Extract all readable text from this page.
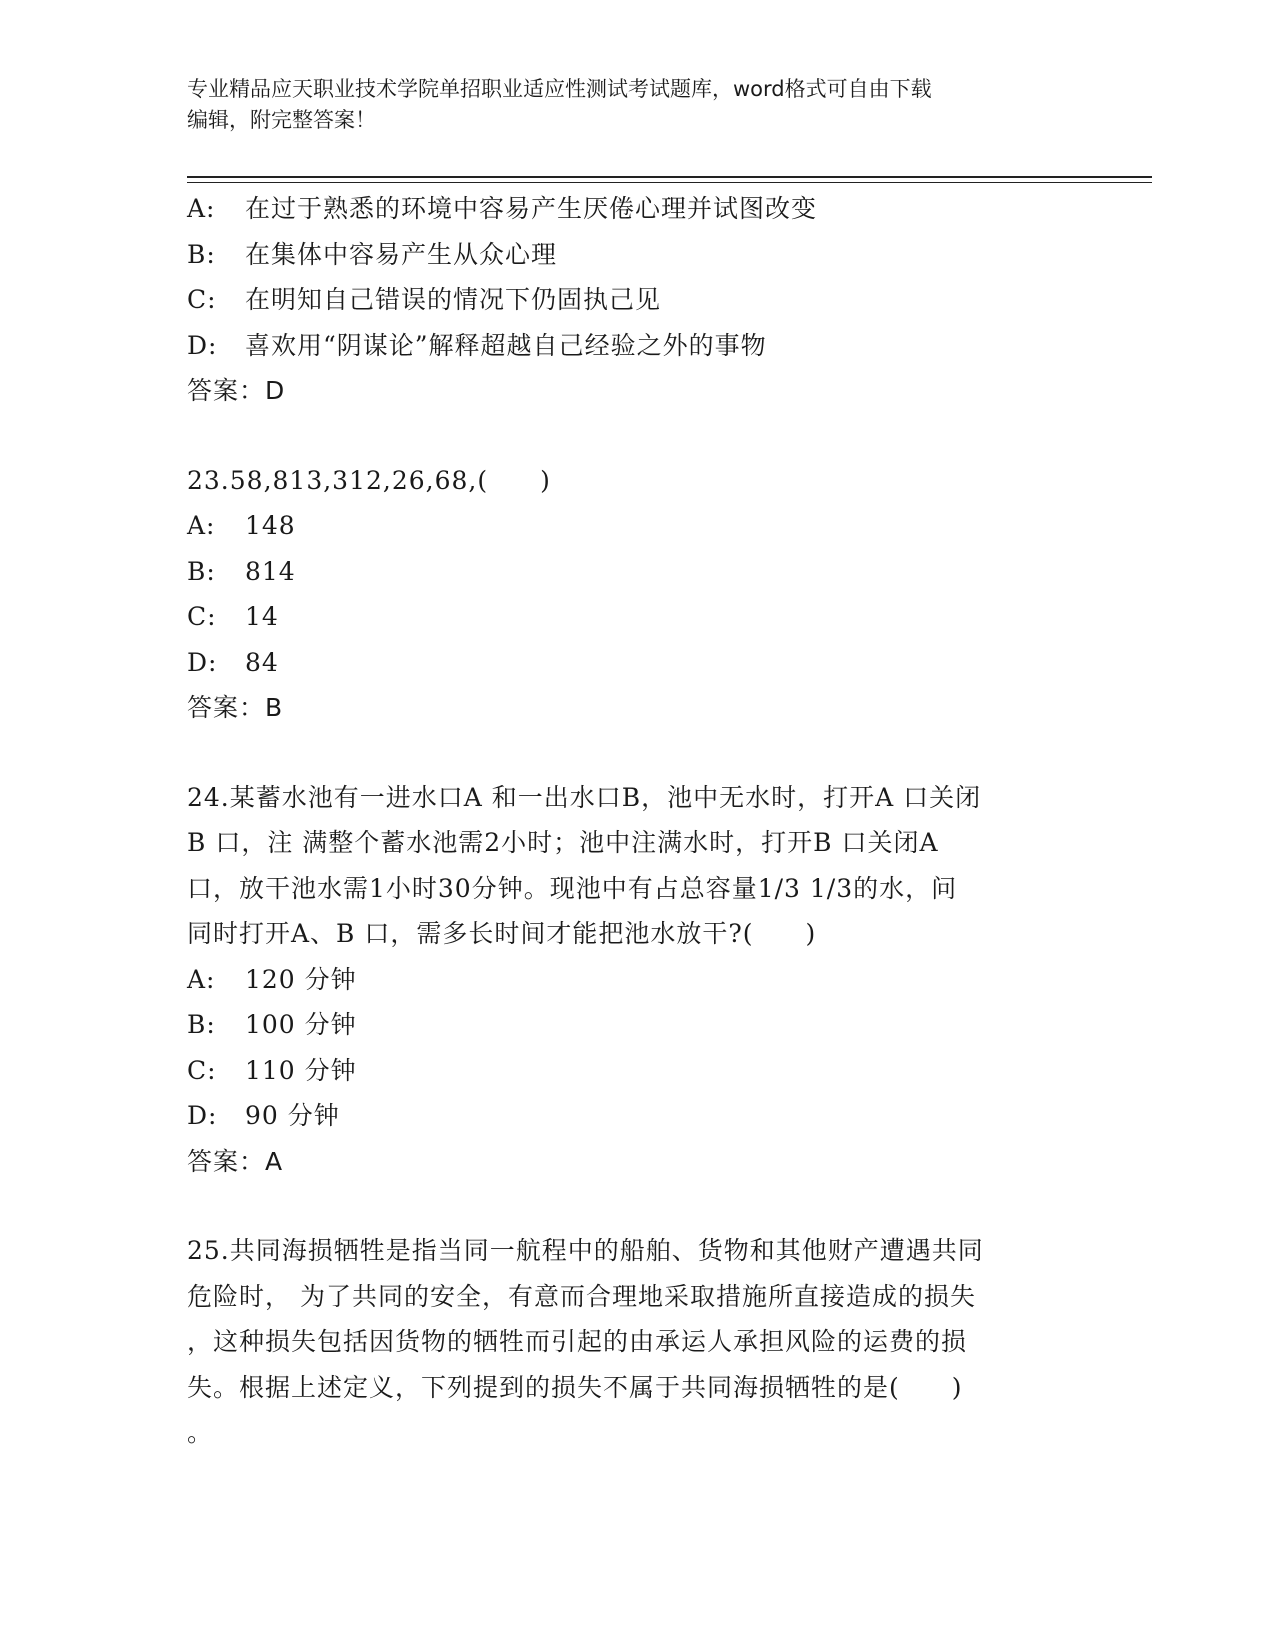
专业精品应天职业技术学院单招职业适应性测试考试题库，word格式可自由下载
编辑，附完整答案！
A: 在过于熟悉的环境中容易产生厌倦心理并试图改变
B: 在集体中容易产生从众心理
C: 在明知自己错误的情况下仍固执己见
D: 喜欢用“阴谋论”解释超越自己经验之外的事物
答案：D
23.58,813,312,26,68,(　　)
A: 148
B: 814
C: 14
D: 84
答案：B
24.某蓄水池有一进水口A 和一出水口B，池中无水时，打开A 口关闭
B 口，注 满整个蓄水池需2小时；池中注满水时，打开B 口关闭A
口，放干池水需1小时30分钟。现池中有占总容量1/3 1/3的水，问
同时打开A、B 口，需多长时间才能把池水放干?(　　)
A: 120 分钟
B: 100 分钟
C: 110 分钟
D: 90 分钟
答案：A
25.共同海损牺牲是指当同一航程中的船舶、货物和其他财产遭遇共同
危险时， 为了共同的安全，有意而合理地采取措施所直接造成的损失
，这种损失包括因货物的牺牲而引起的由承运人承担风险的运费的损
失。根据上述定义，下列提到的损失不属于共同海损牺牲的是(　　)
。
